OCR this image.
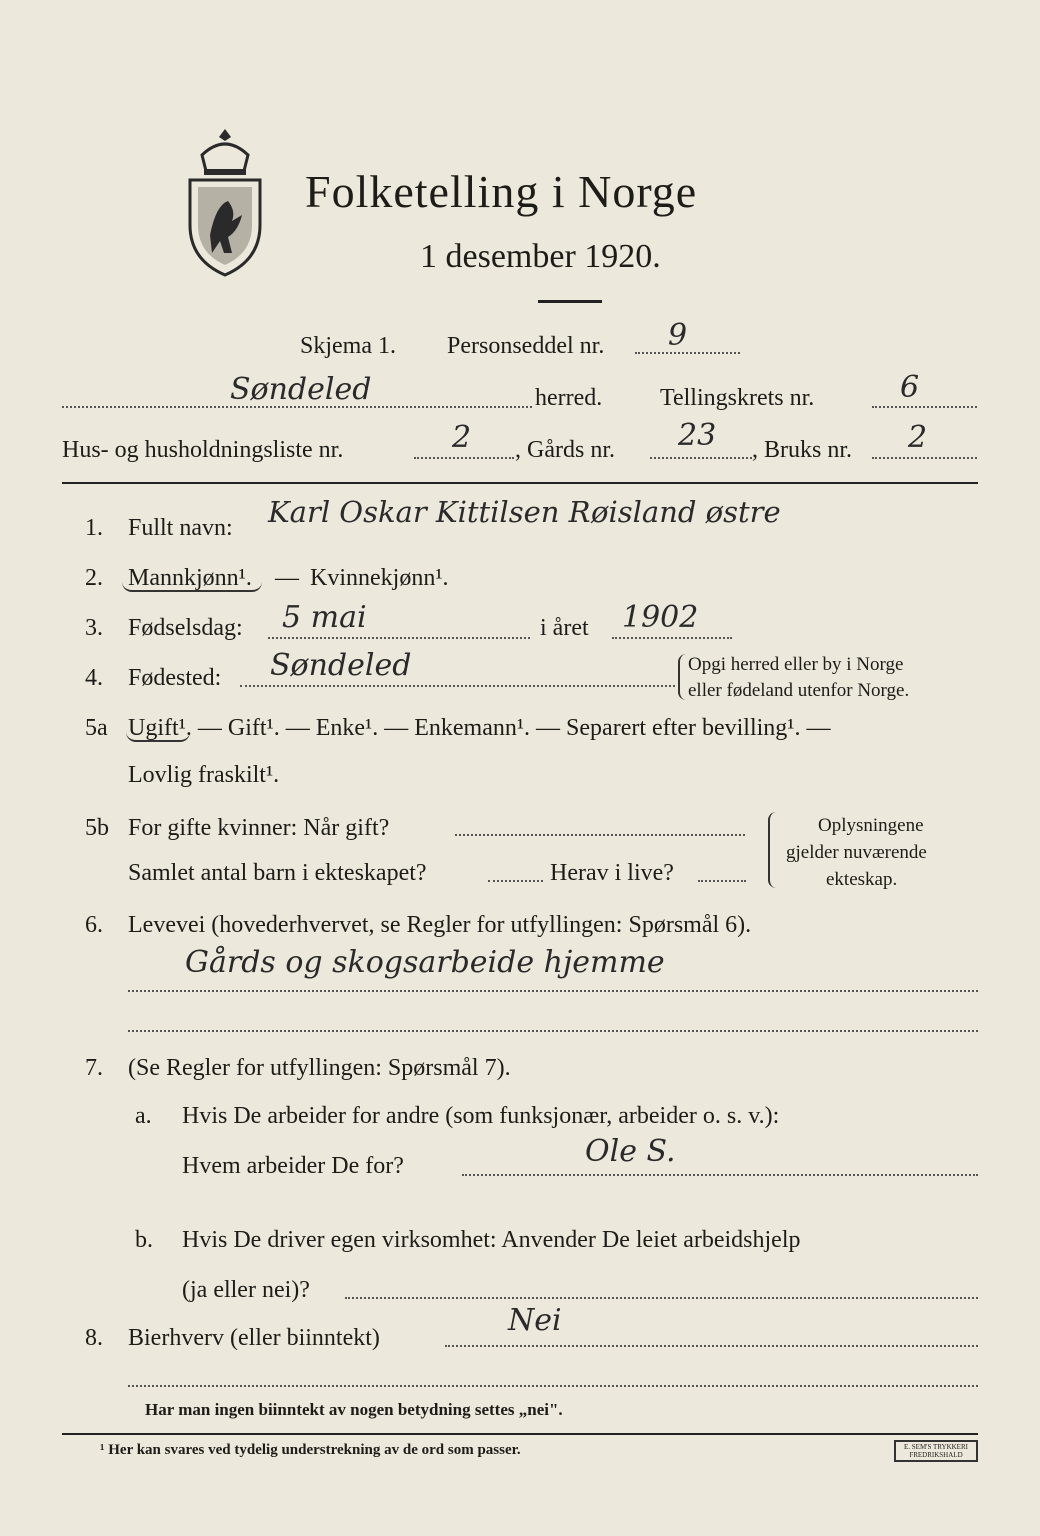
Folketelling i Norge
1 desember 1920.
Skjema 1. Personseddel nr. 9
Søndeled	herred. Tellingskrets nr.	6
Hus- og husholdningsliste nr.	2 , Gårds nr. 23 , Bruks nr. 2
1. Fullt navn: Karl Oskar Kittilsen Røisland østre
2. Mannkjønn¹. — Kvinnekjønn¹.
3. Fødselsdag: 5 mai	i året 1902
4. Fødested: Søndeled	Opgi herred eller by i Norge
eller fødeland utenfor Norge.
5a Ugift¹. — Gift¹. — Enke¹. — Enkemann¹. — Separert efter bevilling¹. —
Lovlig fraskilt¹.
5b For gifte kvinner: Når gift?
Samlet antal barn i ekteskapet?	Herav i live?
Oplysningene
gjelder nuværende
ekteskap.
6. Levevei (hovederhvervet, se Regler for utfyllingen: Spørsmål 6).
Gårds og skogsarbeide hjemme
7. (Se Regler for utfyllingen: Spørsmål 7).
a. Hvis De arbeider for andre (som funksjonær, arbeider o. s. v.):
Hvem arbeider De for?	Ole S.
b. Hvis De driver egen virksomhet: Anvender De leiet arbeidshjelp
(ja eller nei)?
8. Bierhverv (eller biinntekt)	Nei
Har man ingen biinntekt av nogen betydning settes „nei".
¹ Her kan svares ved tydelig understrekning av de ord som passer.	E. SEM'S TRYKKERI FREDRIKSHALD
